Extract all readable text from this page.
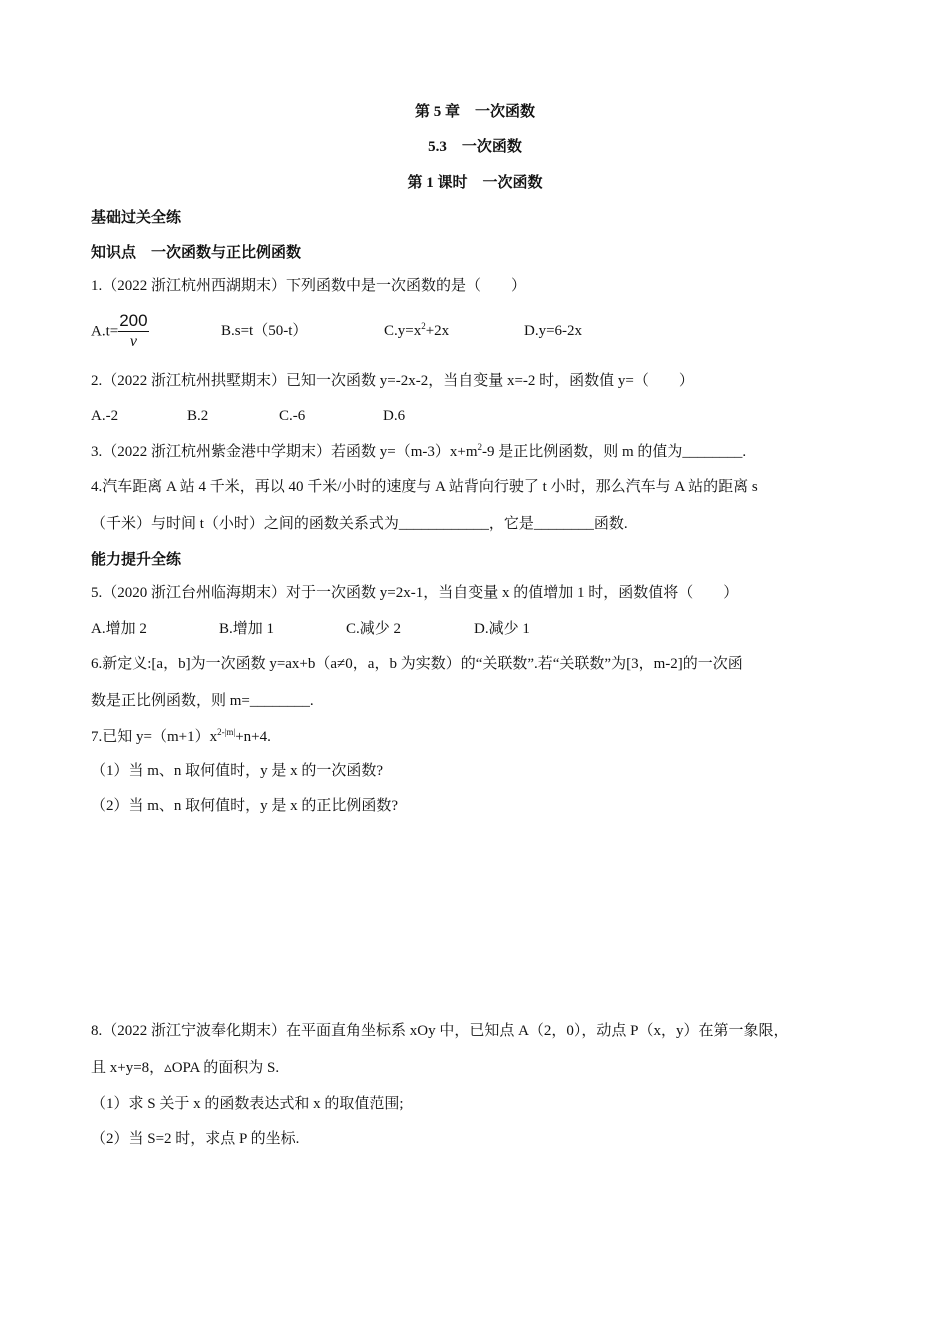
第 5 章　一次函数
5.3　一次函数
第 1 课时　一次函数
基础过关全练
知识点　一次函数与正比例函数
1.（2022 浙江杭州西湖期末）下列函数中是一次函数的是（　　）
$A.t= \frac{200}{v}$	B.s=t（50-t）	$C.y=x^2+2x$	D.y=6-2x
2.（2022 浙江杭州拱墅期末）已知一次函数 y=-2x-2，当自变量 x=-2 时，函数值 y=（　　）
A.-2	B.2	C.-6	D.6
3.（2022 浙江杭州紫金港中学期末）若函数 $y=(m-3)x+m^2-9$ 是正比例函数，则 m 的值为________.
4.汽车距离 A 站 4 千米，再以 40 千米/小时的速度与 A 站背向行驶了 t 小时，那么汽车与 A 站的距离 s
（千米）与时间 t（小时）之间的函数关系式为____________，它是________函数.
能力提升全练
5.（2020 浙江台州临海期末）对于一次函数 y=2x-1，当自变量 x 的值增加 1 时，函数值将（　　）
A.增加 2	B.增加 1	C.减少 2	D.减少 1
6.新定义:[a，b]为一次函数 y=ax+b（a≠0，a，b 为实数）的“关联数”.若“关联数”为[3，m-2]的一次函
数是正比例函数，则 m=________.
7.已知 $y=(m+1)x^{2-|m|}+n+4$.
（1）当 m、n 取何值时，y 是 x 的一次函数?
（2）当 m、n 取何值时，y 是 x 的正比例函数?
8.（2022 浙江宁波奉化期末）在平面直角坐标系 xOy 中，已知点 A（2，0），动点 P（x，y）在第一象限，
且 x+y=8，▵OPA 的面积为 S.
（1）求 S 关于 x 的函数表达式和 x 的取值范围;
（2）当 S=2 时，求点 P 的坐标.
